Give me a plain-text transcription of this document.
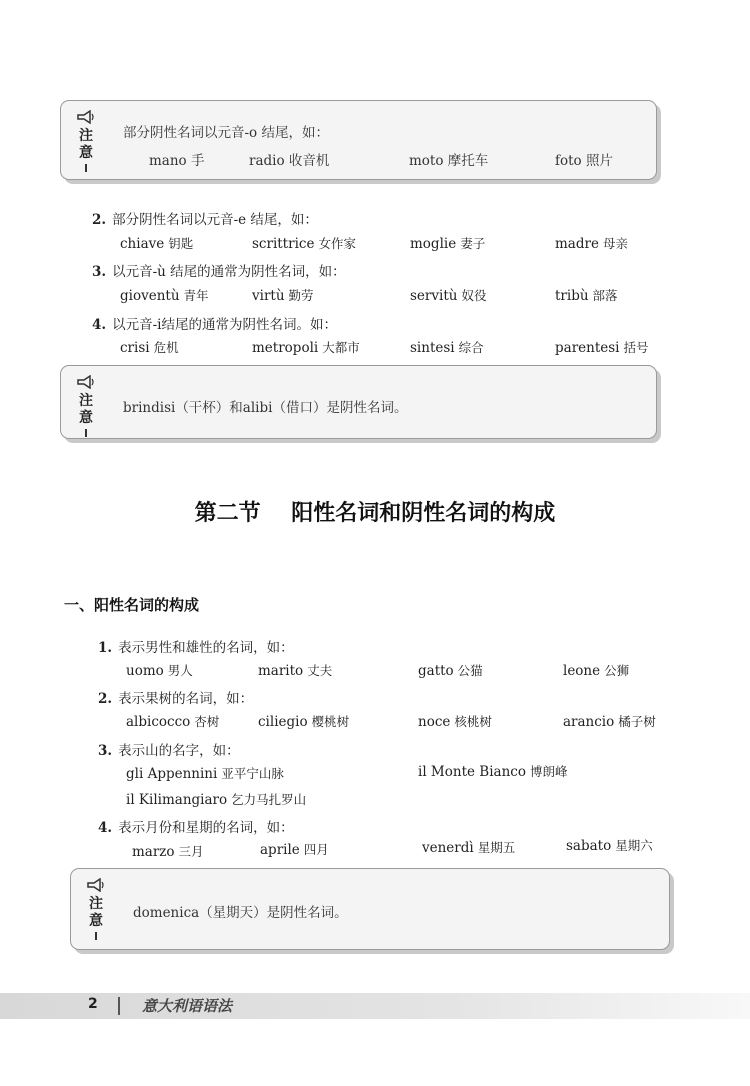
注
意
部分阴性名词以元音-o 结尾，如：
mano 手	radio 收音机	moto 摩托车	foto 照片
2. 部分阴性名词以元音-e 结尾，如：
chiave 钥匙	scrittrice 女作家	moglie 妻子	madre 母亲
3. 以元音-ù 结尾的通常为阴性名词，如：
gioventù 青年	virtù 勤劳	servitù 奴役	tribù 部落
4. 以元音-i结尾的通常为阴性名词。如：
crisi 危机	metropoli 大都市	sintesi 综合	parentesi 括号
注
意
brindisi（干杯）和alibi（借口）是阴性名词。
第二节    阳性名词和阴性名词的构成
一、阳性名词的构成
1. 表示男性和雄性的名词，如：
uomo 男人	marito 丈夫	gatto 公猫	leone 公狮
2. 表示果树的名词，如：
albicocco 杏树	ciliegio 樱桃树	noce 核桃树	arancio 橘子树
3. 表示山的名字，如：
gli Appennini 亚平宁山脉	il Monte Bianco 博朗峰
il Kilimangiaro 乞力马扎罗山
4. 表示月份和星期的名词，如：
marzo 三月	aprile 四月	venerdì 星期五	sabato 星期六
注
意 domenica（星期天）是阴性名词。
2	意大利语语法
